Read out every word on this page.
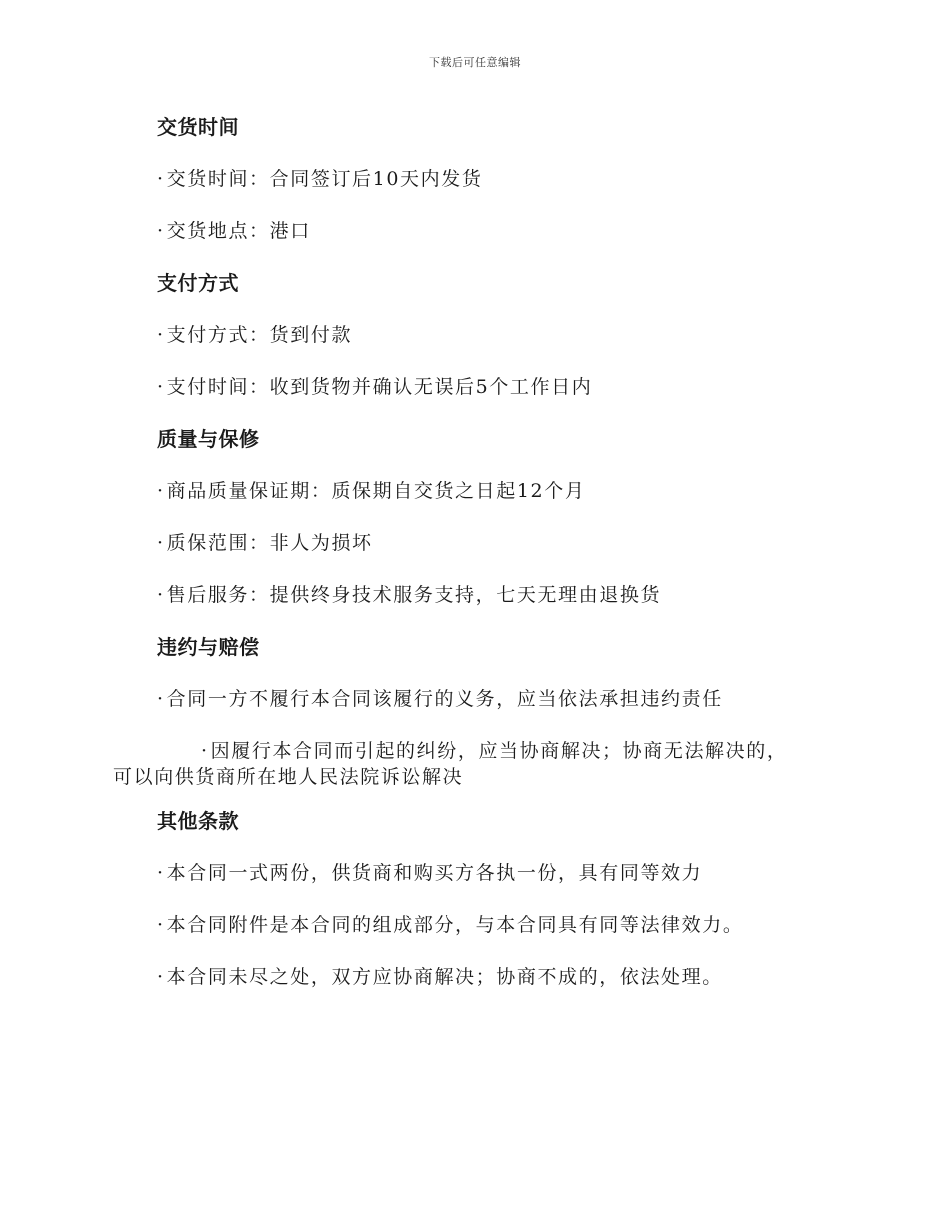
下载后可任意编辑
交货时间
· 交货时间：合同签订后10天内发货
· 交货地点：港口
支付方式
· 支付方式：货到付款
· 支付时间：收到货物并确认无误后5个工作日内
质量与保修
· 商品质量保证期：质保期自交货之日起12个月
· 质保范围：非人为损坏
· 售后服务：提供终身技术服务支持，七天无理由退换货
违约与赔偿
· 合同一方不履行本合同该履行的义务，应当依法承担违约责任
· 因履行本合同而引起的纠纷，应当协商解决；协商无法解决的，可以向供货商所在地人民法院诉讼解决
其他条款
· 本合同一式两份，供货商和购买方各执一份，具有同等效力
· 本合同附件是本合同的组成部分，与本合同具有同等法律效力。
· 本合同未尽之处，双方应协商解决；协商不成的，依法处理。
